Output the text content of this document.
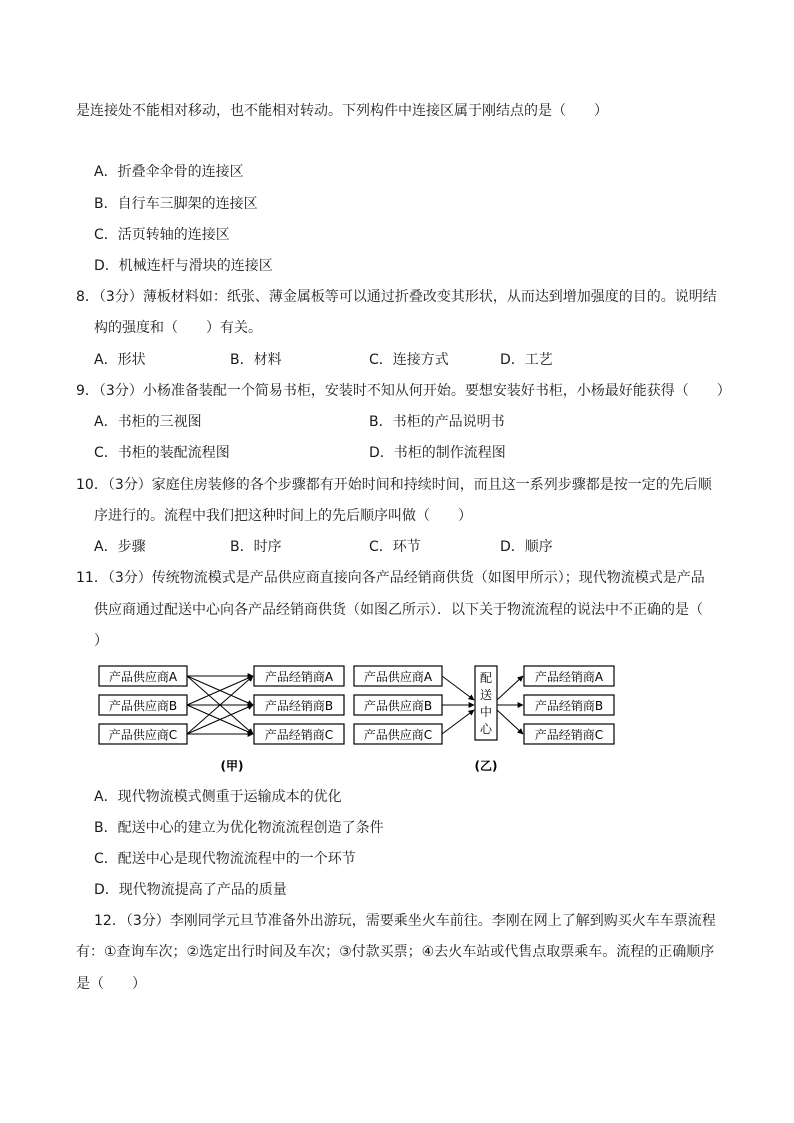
是连接处不能相对移动，也不能相对转动。下列构件中连接区属于刚结点的是（　　）
A．折叠伞伞骨的连接区
B．自行车三脚架的连接区
C．活页转轴的连接区
D．机械连杆与滑块的连接区
8．（3分）薄板材料如：纸张、薄金属板等可以通过折叠改变其形状，从而达到增加强度的目的。说明结
构的强度和（　　）有关。
A．形状	B．材料	C．连接方式	D．工艺
9．（3分）小杨准备装配一个简易书柜，安装时不知从何开始。要想安装好书柜，小杨最好能获得（　　）
A．书柜的三视图	B．书柜的产品说明书
C．书柜的装配流程图	D．书柜的制作流程图
10．（3分）家庭住房装修的各个步骤都有开始时间和持续时间，而且这一系列步骤都是按一定的先后顺
序进行的。流程中我们把这种时间上的先后顺序叫做（　　）
A．步骤	B．时序	C．环节	D．顺序
11．（3分）传统物流模式是产品供应商直接向各产品经销商供货（如图甲所示）；现代物流模式是产品
供应商通过配送中心向各产品经销商供货（如图乙所示）．以下关于物流流程的说法中不正确的是（
）
产品供应商A
产品供应商B
产品供应商C
产品经销商A
产品经销商B
产品经销商C
产品供应商A
产品供应商B
产品供应商C
配
送
中
心
产品经销商A
产品经销商B
产品经销商C
(甲)	(乙)
A．现代物流模式侧重于运输成本的优化
B．配送中心的建立为优化物流流程创造了条件
C．配送中心是现代物流流程中的一个环节
D．现代物流提高了产品的质量
12．（3分）李刚同学元旦节准备外出游玩，需要乘坐火车前往。李刚在网上了解到购买火车车票流程
有：①查询车次；②选定出行时间及车次；③付款买票；④去火车站或代售点取票乘车。流程的正确顺序
是（　　）
